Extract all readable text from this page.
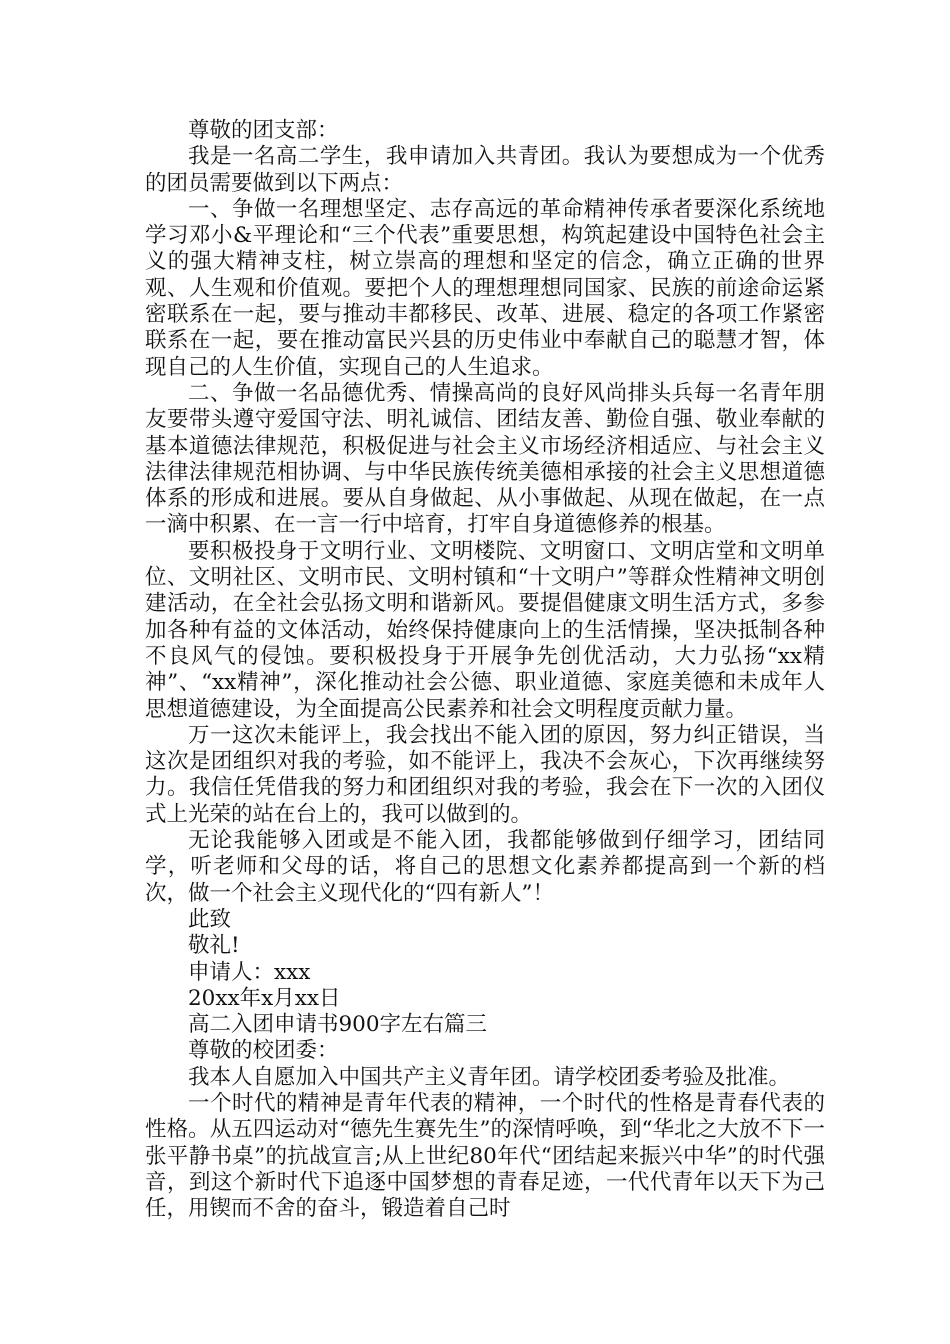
尊敬的团支部：

我是一名高二学生，我申请加入共青团。我认为要想成为一个优秀的团员需要做到以下两点：

一、争做一名理想坚定、志存高远的革命精神传承者要深化系统地学习邓小&平理论和“三个代表”重要思想，构筑起建设中国特色社会主义的强大精神支柱，树立崇高的理想和坚定的信念，确立正确的世界观、人生观和价值观。要把个人的理想理想同国家、民族的前途命运紧密联系在一起，要与推动丰都移民、改革、进展、稳定的各项工作紧密联系在一起，要在推动富民兴县的历史伟业中奉献自己的聪慧才智，体现自己的人生价值，实现自己的人生追求。

二、争做一名品德优秀、情操高尚的良好风尚排头兵每一名青年朋友要带头遵守爱国守法、明礼诚信、团结友善、勤俭自强、敬业奉献的基本道德法律规范，积极促进与社会主义市场经济相适应、与社会主义法律法律规范相协调、与中华民族传统美德相承接的社会主义思想道德体系的形成和进展。要从自身做起、从小事做起、从现在做起，在一点一滴中积累、在一言一行中培育，打牢自身道德修养的根基。

要积极投身于文明行业、文明楼院、文明窗口、文明店堂和文明单位、文明社区、文明市民、文明村镇和“十文明户”等群众性精神文明创建活动，在全社会弘扬文明和谐新风。要提倡健康文明生活方式，多参加各种有益的文体活动，始终保持健康向上的生活情操，坚决抵制各种不良风气的侵蚀。要积极投身于开展争先创优活动，大力弘扬“xx精神”、“xx精神”，深化推动社会公德、职业道德、家庭美德和未成年人思想道德建设，为全面提高公民素养和社会文明程度贡献力量。

万一这次未能评上，我会找出不能入团的原因，努力纠正错误，当这次是团组织对我的考验，如不能评上，我决不会灰心，下次再继续努力。我信任凭借我的努力和团组织对我的考验，我会在下一次的入团仪式上光荣的站在台上的，我可以做到的。

无论我能够入团或是不能入团，我都能够做到仔细学习，团结同学，听老师和父母的话，将自己的思想文化素养都提高到一个新的档次，做一个社会主义现代化的“四有新人”！

此致

敬礼!

申请人：xxx

20xx年x月xx日

高二入团申请书900字左右篇三

尊敬的校团委：

我本人自愿加入中国共产主义青年团。请学校团委考验及批准。

一个时代的精神是青年代表的精神，一个时代的性格是青春代表的性格。从五四运动对“德先生赛先生”的深情呼唤，到“华北之大放不下一张平静书桌”的抗战宣言;从上世纪80年代“团结起来振兴中华”的时代强音，到这个新时代下追逐中国梦想的青春足迹，一代代青年以天下为己任，用锲而不舍的奋斗，锻造着自己时
